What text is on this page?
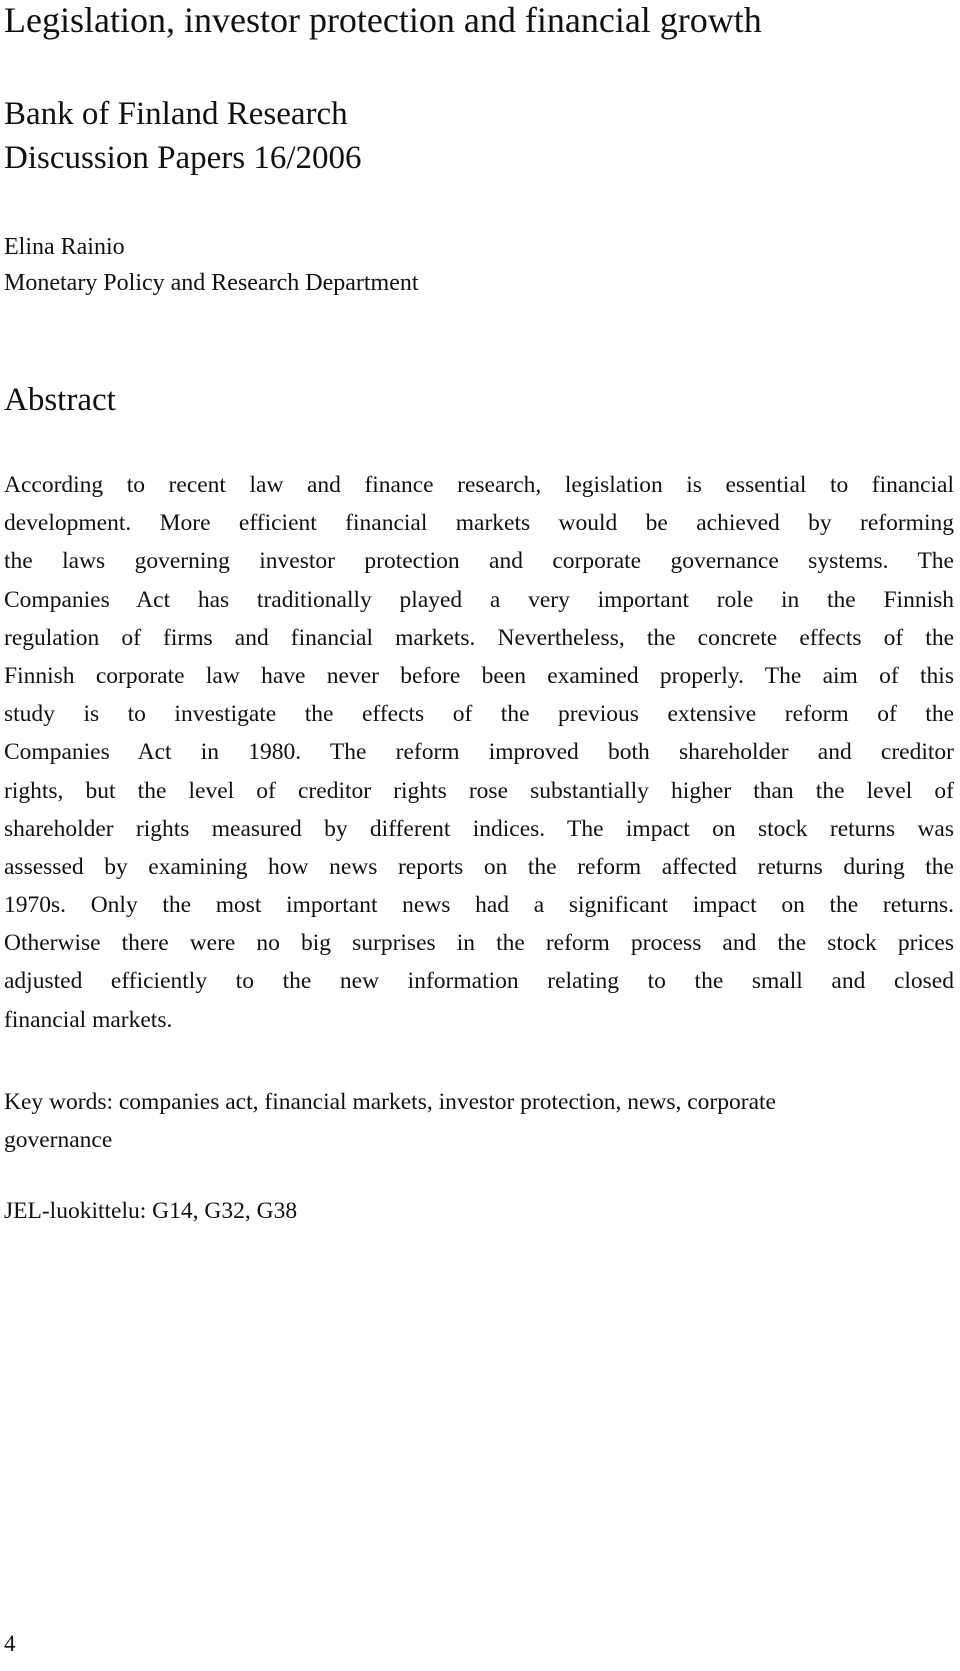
Legislation, investor protection and financial growth
Bank of Finland Research
Discussion Papers 16/2006
Elina Rainio
Monetary Policy and Research Department
Abstract
According to recent law and finance research, legislation is essential to financial
development. More efficient financial markets would be achieved by reforming
the laws governing investor protection and corporate governance systems. The
Companies Act has traditionally played a very important role in the Finnish
regulation of firms and financial markets. Nevertheless, the concrete effects of the
Finnish corporate law have never before been examined properly. The aim of this
study is to investigate the effects of the previous extensive reform of the
Companies Act in 1980. The reform improved both shareholder and creditor
rights, but the level of creditor rights rose substantially higher than the level of
shareholder rights measured by different indices. The impact on stock returns was
assessed by examining how news reports on the reform affected returns during the
1970s. Only the most important news had a significant impact on the returns.
Otherwise there were no big surprises in the reform process and the stock prices
adjusted efficiently to the new information relating to the small and closed
financial markets.
Key words: companies act, financial markets, investor protection, news, corporate
governance
JEL-luokittelu: G14, G32, G38
4
